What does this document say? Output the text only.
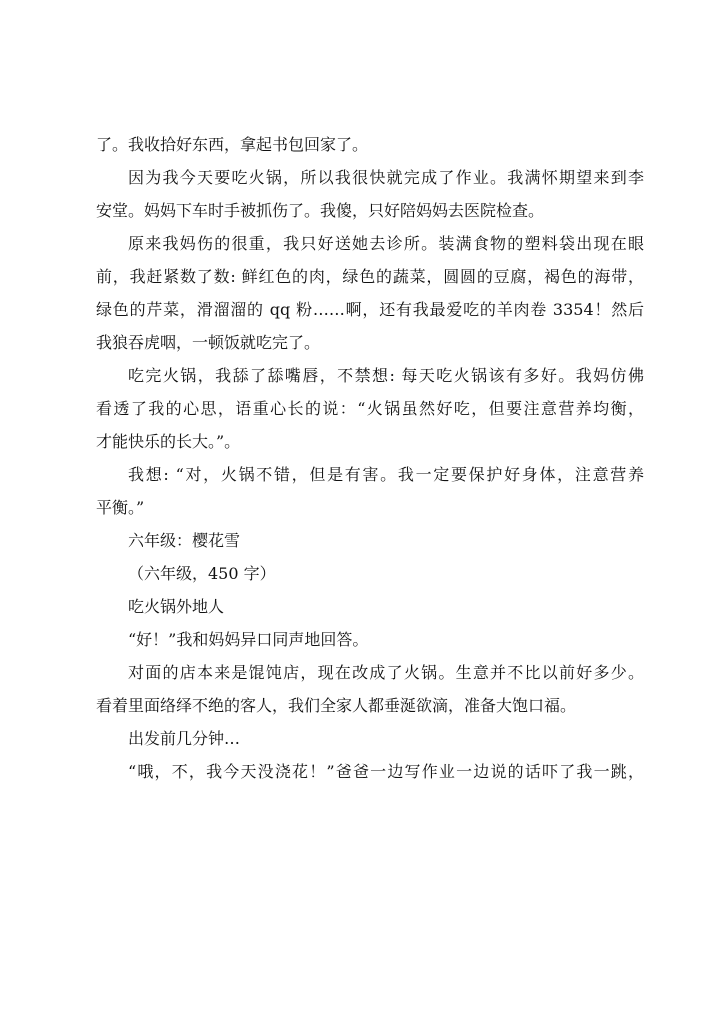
了。我收拾好东西，拿起书包回家了。
因为我今天要吃火锅，所以我很快就完成了作业。我满怀期望来到李
安堂。妈妈下车时手被抓伤了。我傻，只好陪妈妈去医院检查。
原来我妈伤的很重，我只好送她去诊所。装满食物的塑料袋出现在眼
前，我赶紧数了数: 鲜红色的肉，绿色的蔬菜，圆圆的豆腐，褐色的海带，
绿色的芹菜，滑溜溜的 qq 粉……啊，还有我最爱吃的羊肉卷 3354！然后
我狼吞虎咽，一顿饭就吃完了。
吃完火锅，我舔了舔嘴唇，不禁想: 每天吃火锅该有多好。我妈仿佛
看透了我的心思，语重心长的说：“火锅虽然好吃，但要注意营养均衡，
才能快乐的长大。”。
我想: “对，火锅不错，但是有害。我一定要保护好身体，注意营养
平衡。”
六年级：樱花雪
（六年级，450 字）
吃火锅外地人
“好！”我和妈妈异口同声地回答。
对面的店本来是馄饨店，现在改成了火锅。生意并不比以前好多少。
看着里面络绎不绝的客人，我们全家人都垂涎欲滴，准备大饱口福。
出发前几分钟…
“哦，不，我今天没浇花！”爸爸一边写作业一边说的话吓了我一跳，
